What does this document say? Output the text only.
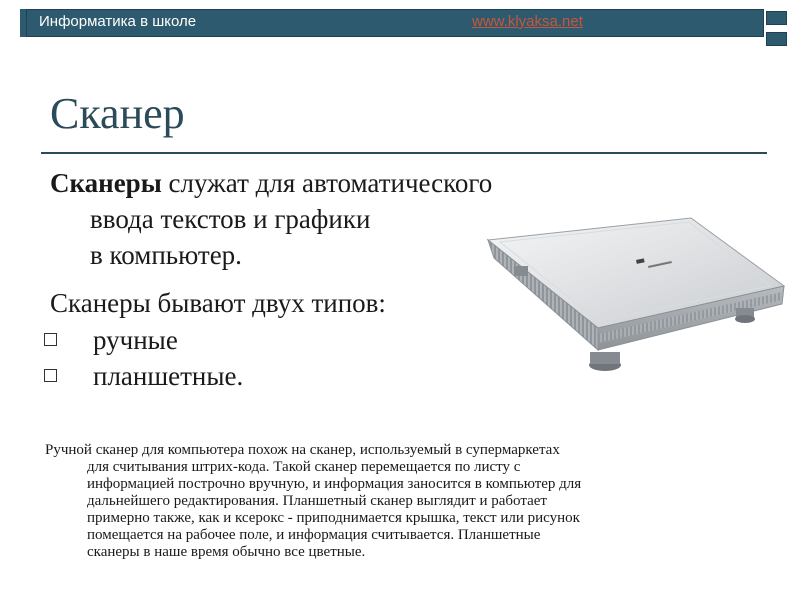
Информатика в школе	www.klyaksa.net
Сканер
Сканеры служат для автоматического
ввода текстов и графики
в компьютер.
Сканеры бывают двух типов:
ручные
планшетные.
Ручной сканер для компьютера похож на сканер, используемый в супермаркетах
для считывания штрих-кода. Такой сканер перемещается по листу с
информацией построчно вручную, и информация заносится в компьютер для
дальнейшего редактирования. Планшетный сканер выглядит и работает
примерно также, как и ксерокс - приподнимается крышка, текст или рисунок
помещается на рабочее поле, и информация считывается. Планшетные
сканеры в наше время обычно все цветные.
